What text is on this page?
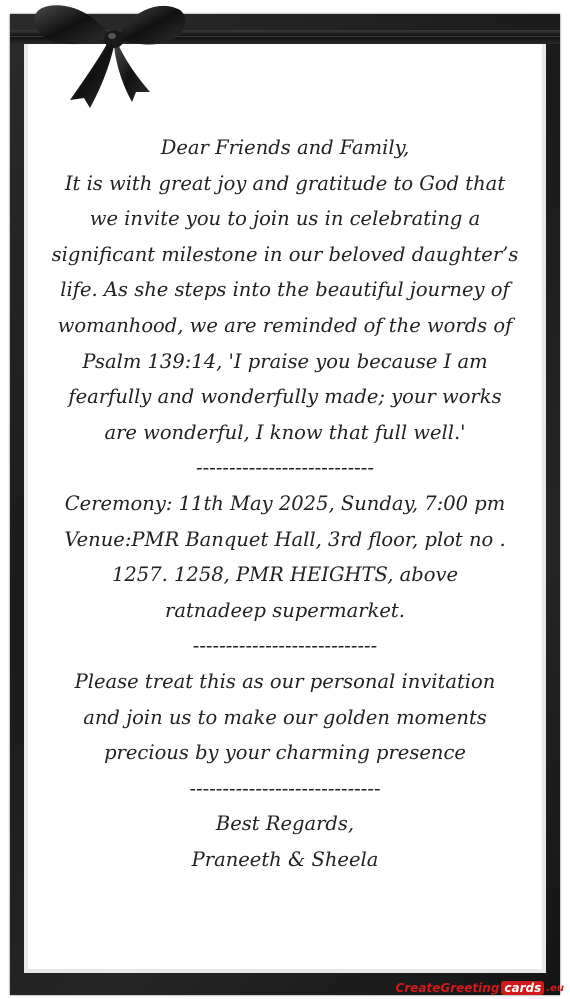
Dear Friends and Family,

It is with great joy and gratitude to God that

we invite you to join us in celebrating a

significant milestone in our beloved daughter’s

life. As she steps into the beautiful journey of

womanhood, we are reminded of the words of

Psalm 139:14, 'I praise you because I am

fearfully and wonderfully made; your works

are wonderful, I know that full well.'

---------------------------

Ceremony: 11th May 2025, Sunday, 7:00 pm

Venue:PMR Banquet Hall, 3rd floor, plot no .

1257. 1258, PMR HEIGHTS, above

ratnadeep supermarket.

----------------------------

Please treat this as our personal invitation

and join us to make our golden moments

precious by your charming presence

-----------------------------

Best Regards,

Praneeth & Sheela

CreateGreeting cards .eu
